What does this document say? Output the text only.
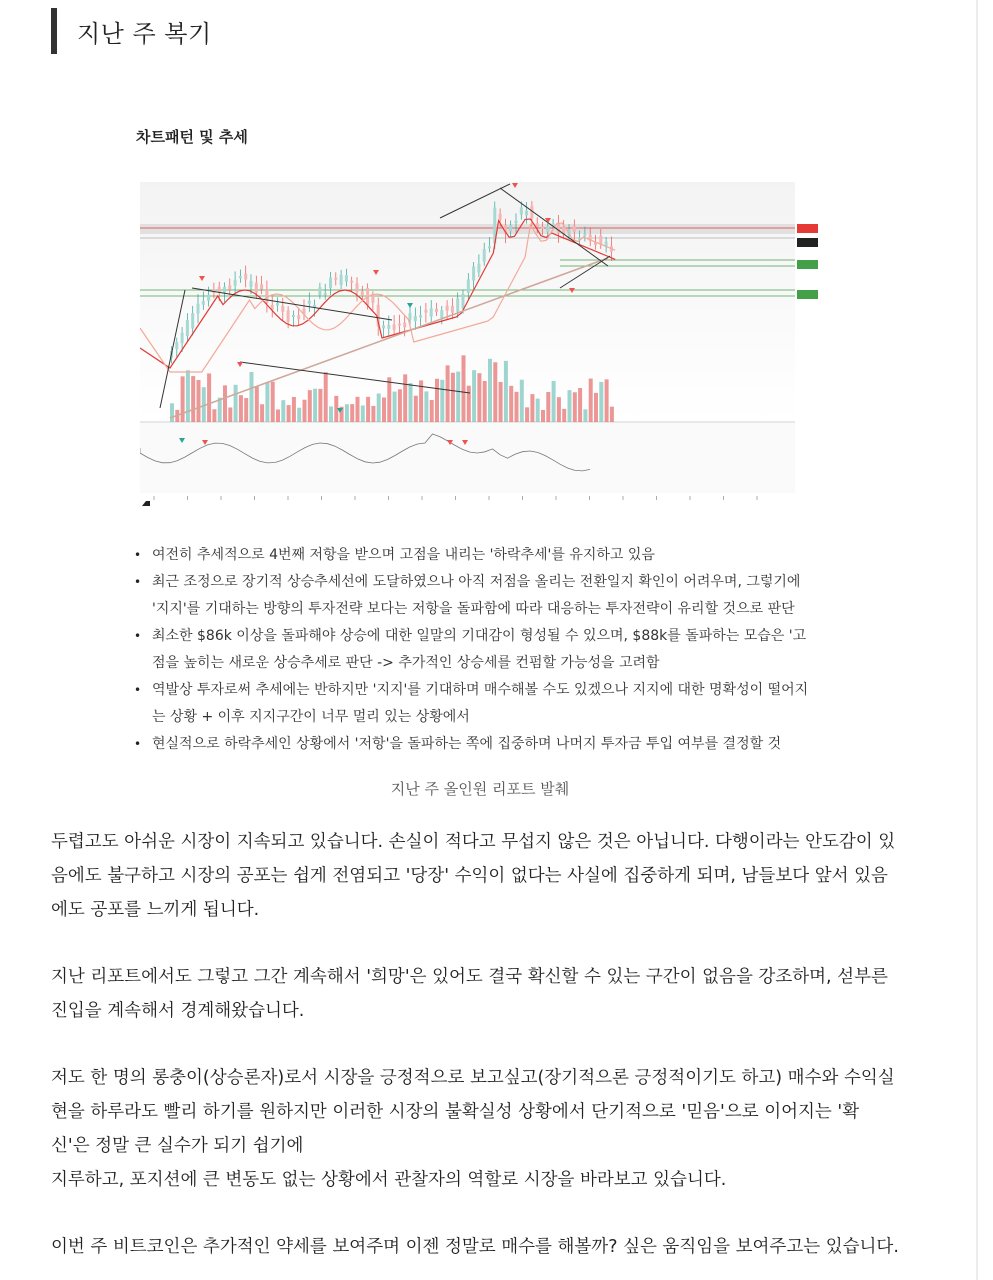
지난 주 복기
차트패턴 및 추세
• 여전히 추세적으로 4번째 저항을 받으며 고점을 내리는 '하락추세'를 유지하고 있음
• 최근 조정으로 장기적 상승추세선에 도달하였으나 아직 저점을 올리는 전환일지 확인이 어려우며, 그렇기에
'지지'를 기대하는 방향의 투자전략 보다는 저항을 돌파함에 따라 대응하는 투자전략이 유리할 것으로 판단
• 최소한 $86k 이상을 돌파해야 상승에 대한 일말의 기대감이 형성될 수 있으며, $88k를 돌파하는 모습은 '고
점을 높히는 새로운 상승추세로 판단 -> 추가적인 상승세를 컨펌할 가능성을 고려함
• 역발상 투자로써 추세에는 반하지만 '지지'를 기대하며 매수해볼 수도 있겠으나 지지에 대한 명확성이 떨어지
는 상황 + 이후 지지구간이 너무 멀리 있는 상황에서
• 현실적으로 하락추세인 상황에서 '저항'을 돌파하는 쪽에 집중하며 나머지 투자금 투입 여부를 결정할 것
지난 주 올인원 리포트 발췌

두렵고도 아쉬운 시장이 지속되고 있습니다. 손실이 적다고 무섭지 않은 것은 아닙니다. 다행이라는 안도감이 있
음에도 불구하고 시장의 공포는 쉽게 전염되고 '당장' 수익이 없다는 사실에 집중하게 되며, 남들보다 앞서 있음
에도 공포를 느끼게 됩니다.

지난 리포트에서도 그렇고 그간 계속해서 '희망'은 있어도 결국 확신할 수 있는 구간이 없음을 강조하며, 섣부른
진입을 계속해서 경계해왔습니다.

저도 한 명의 롱충이(상승론자)로서 시장을 긍정적으로 보고싶고(장기적으론 긍정적이기도 하고) 매수와 수익실
현을 하루라도 빨리 하기를 원하지만 이러한 시장의 불확실성 상황에서 단기적으로 '믿음'으로 이어지는 '확
신'은 정말 큰 실수가 되기 쉽기에
지루하고, 포지션에 큰 변동도 없는 상황에서 관찰자의 역할로 시장을 바라보고 있습니다.

이번 주 비트코인은 추가적인 약세를 보여주며 이젠 정말로 매수를 해볼까? 싶은 움직임을 보여주고는 있습니다.
